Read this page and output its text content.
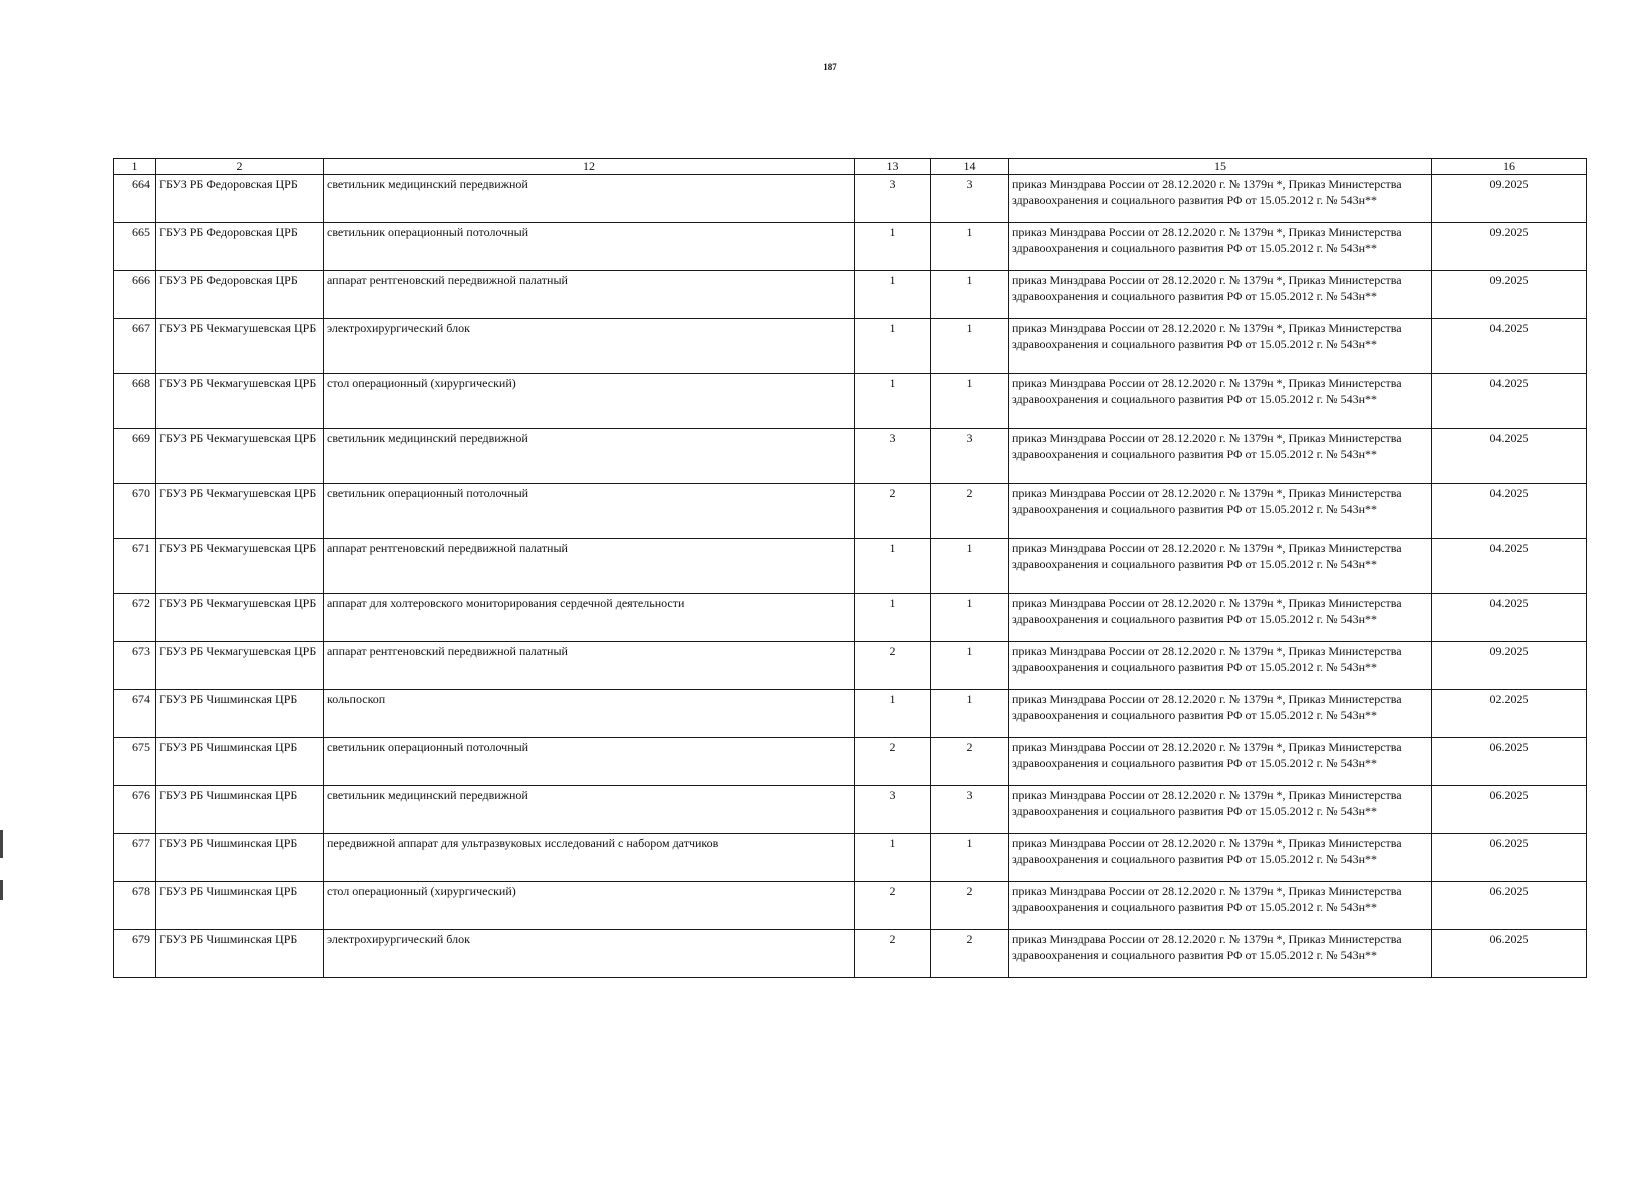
187
1	2	12	13	14	15	16
664	ГБУЗ РБ Федоровская ЦРБ	светильник медицинский передвижной	3	3	приказ Минздрава России от 28.12.2020 г. № 1379н *, Приказ Министерства здравоохранения и социального развития РФ от 15.05.2012 г. № 543н**	09.2025
665	ГБУЗ РБ Федоровская ЦРБ	светильник операционный потолочный	1	1	приказ Минздрава России от 28.12.2020 г. № 1379н *, Приказ Министерства здравоохранения и социального развития РФ от 15.05.2012 г. № 543н**	09.2025
666	ГБУЗ РБ Федоровская ЦРБ	аппарат рентгеновский передвижной палатный	1	1	приказ Минздрава России от 28.12.2020 г. № 1379н *, Приказ Министерства здравоохранения и социального развития РФ от 15.05.2012 г. № 543н**	09.2025
667	ГБУЗ РБ Чекмагушевская ЦРБ	электрохирургический блок	1	1	приказ Минздрава России от 28.12.2020 г. № 1379н *, Приказ Министерства здравоохранения и социального развития РФ от 15.05.2012 г. № 543н**	04.2025
668	ГБУЗ РБ Чекмагушевская ЦРБ	стол операционный (хирургический)	1	1	приказ Минздрава России от 28.12.2020 г. № 1379н *, Приказ Министерства здравоохранения и социального развития РФ от 15.05.2012 г. № 543н**	04.2025
669	ГБУЗ РБ Чекмагушевская ЦРБ	светильник медицинский передвижной	3	3	приказ Минздрава России от 28.12.2020 г. № 1379н *, Приказ Министерства здравоохранения и социального развития РФ от 15.05.2012 г. № 543н**	04.2025
670	ГБУЗ РБ Чекмагушевская ЦРБ	светильник операционный потолочный	2	2	приказ Минздрава России от 28.12.2020 г. № 1379н *, Приказ Министерства здравоохранения и социального развития РФ от 15.05.2012 г. № 543н**	04.2025
671	ГБУЗ РБ Чекмагушевская ЦРБ	аппарат рентгеновский передвижной палатный	1	1	приказ Минздрава России от 28.12.2020 г. № 1379н *, Приказ Министерства здравоохранения и социального развития РФ от 15.05.2012 г. № 543н**	04.2025
672	ГБУЗ РБ Чекмагушевская ЦРБ	аппарат для холтеровского мониторирования сердечной деятельности	1	1	приказ Минздрава России от 28.12.2020 г. № 1379н *, Приказ Министерства здравоохранения и социального развития РФ от 15.05.2012 г. № 543н**	04.2025
673	ГБУЗ РБ Чекмагушевская ЦРБ	аппарат рентгеновский передвижной палатный	2	1	приказ Минздрава России от 28.12.2020 г. № 1379н *, Приказ Министерства здравоохранения и социального развития РФ от 15.05.2012 г. № 543н**	09.2025
674	ГБУЗ РБ Чишминская ЦРБ	кольпоскоп	1	1	приказ Минздрава России от 28.12.2020 г. № 1379н *, Приказ Министерства здравоохранения и социального развития РФ от 15.05.2012 г. № 543н**	02.2025
675	ГБУЗ РБ Чишминская ЦРБ	светильник операционный потолочный	2	2	приказ Минздрава России от 28.12.2020 г. № 1379н *, Приказ Министерства здравоохранения и социального развития РФ от 15.05.2012 г. № 543н**	06.2025
676	ГБУЗ РБ Чишминская ЦРБ	светильник медицинский передвижной	3	3	приказ Минздрава России от 28.12.2020 г. № 1379н *, Приказ Министерства здравоохранения и социального развития РФ от 15.05.2012 г. № 543н**	06.2025
677	ГБУЗ РБ Чишминская ЦРБ	передвижной аппарат для ультразвуковых исследований с набором датчиков	1	1	приказ Минздрава России от 28.12.2020 г. № 1379н *, Приказ Министерства здравоохранения и социального развития РФ от 15.05.2012 г. № 543н**	06.2025
678	ГБУЗ РБ Чишминская ЦРБ	стол операционный (хирургический)	2	2	приказ Минздрава России от 28.12.2020 г. № 1379н *, Приказ Министерства здравоохранения и социального развития РФ от 15.05.2012 г. № 543н**	06.2025
679	ГБУЗ РБ Чишминская ЦРБ	электрохирургический блок	2	2	приказ Минздрава России от 28.12.2020 г. № 1379н *, Приказ Министерства здравоохранения и социального развития РФ от 15.05.2012 г. № 543н**	06.2025
